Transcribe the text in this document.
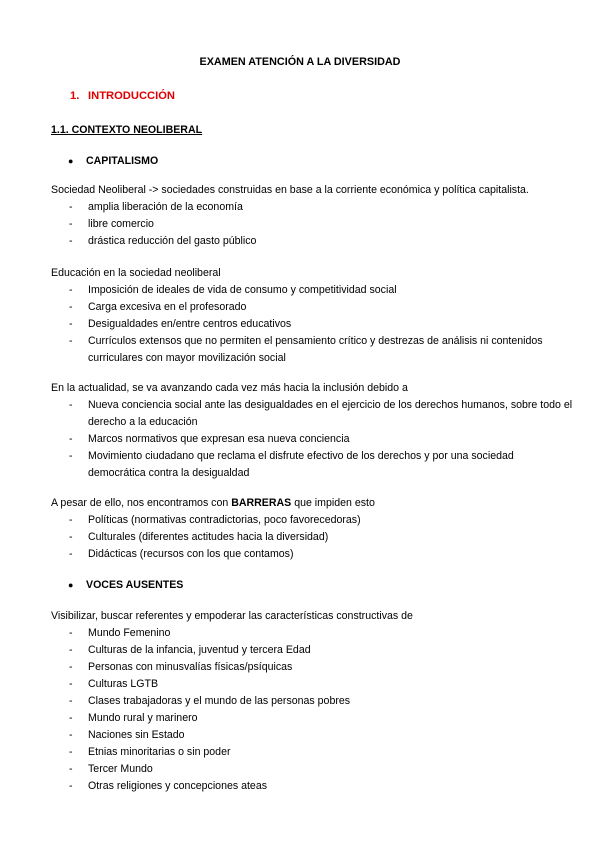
EXAMEN ATENCIÓN A LA DIVERSIDAD
1. INTRODUCCIÓN
1.1. CONTEXTO NEOLIBERAL
● CAPITALISMO
Sociedad Neoliberal -> sociedades construidas en base a la corriente económica y política capitalista.
- amplia liberación de la economía
- libre comercio
- drástica reducción del gasto público
Educación en la sociedad neoliberal
- Imposición de ideales de vida de consumo y competitividad social
- Carga excesiva en el profesorado
- Desigualdades en/entre centros educativos
- Currículos extensos que no permiten el pensamiento crítico y destrezas de análisis ni contenidos curriculares con mayor movilización social
En la actualidad, se va avanzando cada vez más hacia la inclusión debido a
- Nueva conciencia social ante las desigualdades en el ejercicio de los derechos humanos, sobre todo el derecho a la educación
- Marcos normativos que expresan esa nueva conciencia
- Movimiento ciudadano que reclama el disfrute efectivo de los derechos y por una sociedad democrática contra la desigualdad
A pesar de ello, nos encontramos con BARRERAS que impiden esto
- Políticas (normativas contradictorias, poco favorecedoras)
- Culturales (diferentes actitudes hacia la diversidad)
- Didácticas (recursos con los que contamos)
● VOCES AUSENTES
Visibilizar, buscar referentes y empoderar las características constructivas de
- Mundo Femenino
- Culturas de la infancia, juventud y tercera Edad
- Personas con minusvalías físicas/psíquicas
- Culturas LGTB
- Clases trabajadoras y el mundo de las personas pobres
- Mundo rural y marinero
- Naciones sin Estado
- Etnias minoritarias o sin poder
- Tercer Mundo
- Otras religiones y concepciones ateas
